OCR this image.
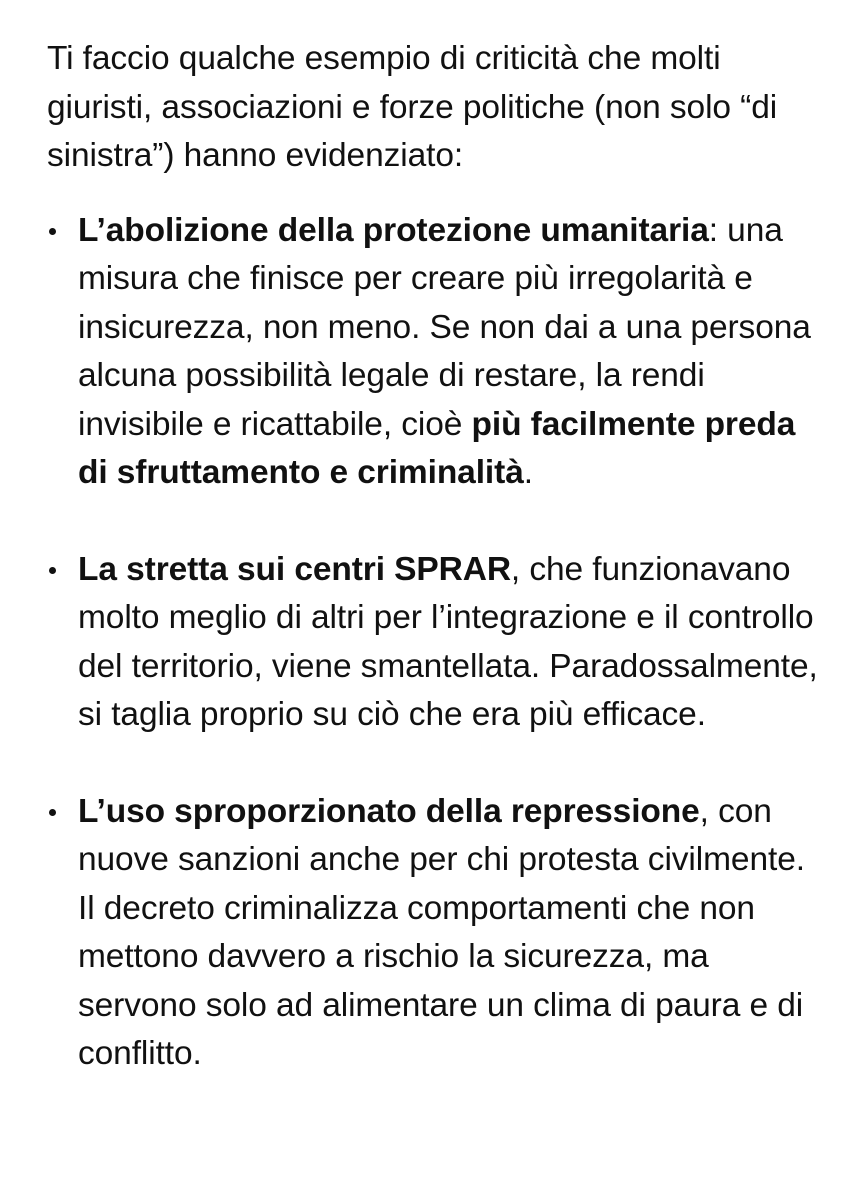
Ti faccio qualche esempio di criticità che molti giuristi, associazioni e forze politiche (non solo “di sinistra”) hanno evidenziato:

L’abolizione della protezione umanitaria: una misura che finisce per creare più irregolarità e insicurezza, non meno. Se non dai a una persona alcuna possibilità legale di restare, la rendi invisibile e ricattabile, cioè più facilmente preda di sfruttamento e criminalità.
La stretta sui centri SPRAR, che funzionavano molto meglio di altri per l’integrazione e il controllo del territorio, viene smantellata. Paradossalmente, si taglia proprio su ciò che era più efficace.
L’uso sproporzionato della repressione, con nuove sanzioni anche per chi protesta civilmente. Il decreto criminalizza comportamenti che non mettono davvero a rischio la sicurezza, ma servono solo ad alimentare un clima di paura e di conflitto.
